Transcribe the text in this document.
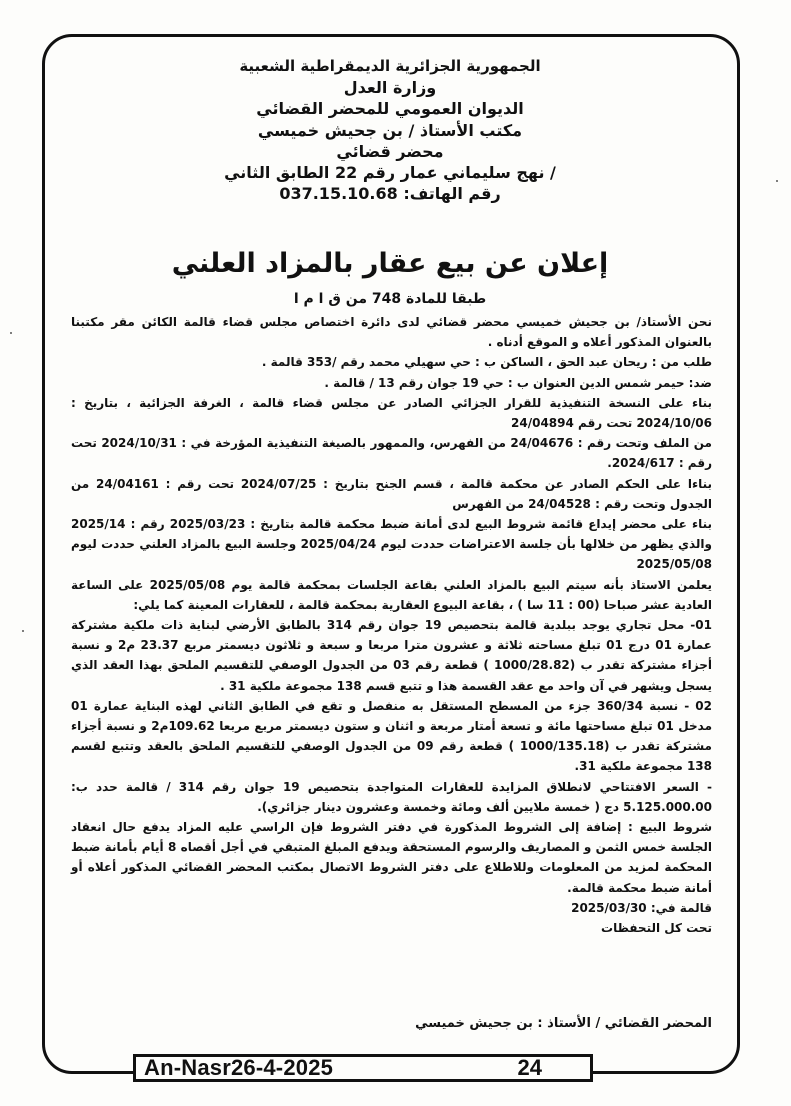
الجمهورية الجزائرية الديمقراطية الشعبية
وزارة العدل
الديوان العمومي للمحضر القضائي
مكتب الأستاذ / بن جحيش خميسي
محضر قضائي
نهج سليماني عمار رقم 22 الطابق الثاني /
رقم الهاتف: 037.15.10.68
إعلان عن بيع عقار بالمزاد العلني
طبقا للمادة 748 من ق ا م ا

نحن الأستاذ/ بن جحيش خميسي محضر قضائي لدى دائرة اختصاص مجلس قضاء قالمة الكائن مقر مكتبنا بالعنوان المذكور أعلاه و الموقع أدناه .

طلب من : ريحان عبد الحق ، الساكن ب : حي سهيلي محمد رقم /353 قالمة .

ضد: حيمر شمس الدين العنوان ب : حي 19 جوان رقم 13 / قالمة .

بناء على النسخة التنفيذية للقرار الجزائي الصادر عن مجلس قضاء قالمة ، الغرفة الجزائية ، بتاريخ : 2024/10/06 تحت رقم 24/04894

من الملف وتحت رقم : 24/04676 من الفهرس، والممهور بالصيغة التنفيذية المؤرخة في : 2024/10/31 تحت رقم : 2024/617.

بناءا على الحكم الصادر عن محكمة قالمة ، قسم الجنح بتاريخ : 2024/07/25 تحت رقم : 24/04161 من الجدول وتحت رقم : 24/04528 من الفهرس

بناء على محضر إيداع قائمة شروط البيع لدى أمانة ضبط محكمة قالمة بتاريخ : 2025/03/23 رقم : 2025/14 والذي يظهر من خلالها بأن جلسة الاعتراضات حددت ليوم 2025/04/24 وجلسة البيع بالمزاد العلني حددت ليوم 2025/05/08

يعلمن الاستاذ بأنه سيتم البيع بالمزاد العلني بقاعة الجلسات بمحكمة قالمة يوم 2025/05/08 على الساعة العادية عشر صباحا (00 : 11 سا ) ، بقاعة البيوع العقارية بمحكمة قالمة ، للعقارات المعينة كما يلي:

01- محل تجاري يوجد ببلدية قالمة بتحصيص 19 جوان رقم 314 بالطابق الأرضي لبناية ذات ملكية مشتركة عمارة 01 درج 01 تبلغ مساحته ثلاثة و عشرون مترا مربعا و سبعة و ثلاثون ديسمتر مربع 23.37 م2 و نسبة أجزاء مشتركة تقدر ب (1000/28.82 ) قطعة رقم 03 من الجدول الوصفي للتقسيم الملحق بهذا العقد الذي يسجل ويشهر في آن واحد مع عقد القسمة هذا و تتبع قسم 138 مجموعة ملكية 31 .

02 - نسبة 360/34 جزء من المسطح المستقل به منفصل و تقع في الطابق الثاني لهذه البناية عمارة 01 مدخل 01 تبلغ مساحتها مائة و تسعة أمتار مربعة و اثنان و ستون ديسمتر مربع مربعا 109.62م2 و نسبة أجزاء مشتركة تقدر ب (1000/135.18 ) قطعة رقم 09 من الجدول الوصفي للتقسيم الملحق بالعقد وتتبع لقسم 138 مجموعة ملكية 31.

- السعر الافتتاحي لانطلاق المزايدة للعقارات المتواجدة بتحصيص 19 جوان رقم 314 / قالمة حدد ب: 5.125.000.00 دج ( خمسة ملايين ألف ومائة وخمسة وعشرون دينار جزائري).

شروط البيع : إضافة إلى الشروط المذكورة في دفتر الشروط فإن الراسي عليه المزاد يدفع حال انعقاد الجلسة خمس الثمن و المصاريف والرسوم المستحقة ويدفع المبلغ المتبقي في أجل أقصاه 8 أيام بأمانة ضبط المحكمة لمزيد من المعلومات وللاطلاع على دفتر الشروط الاتصال بمكتب المحضر القضائي المذكور أعلاه أو أمانة ضبط محكمة قالمة.

قالمة في: 2025/03/30

تحت كل التحفظات

المحضر القضائي / الأستاذ : بن جحيش خميسي
An-Nasr26-4-2025	24
